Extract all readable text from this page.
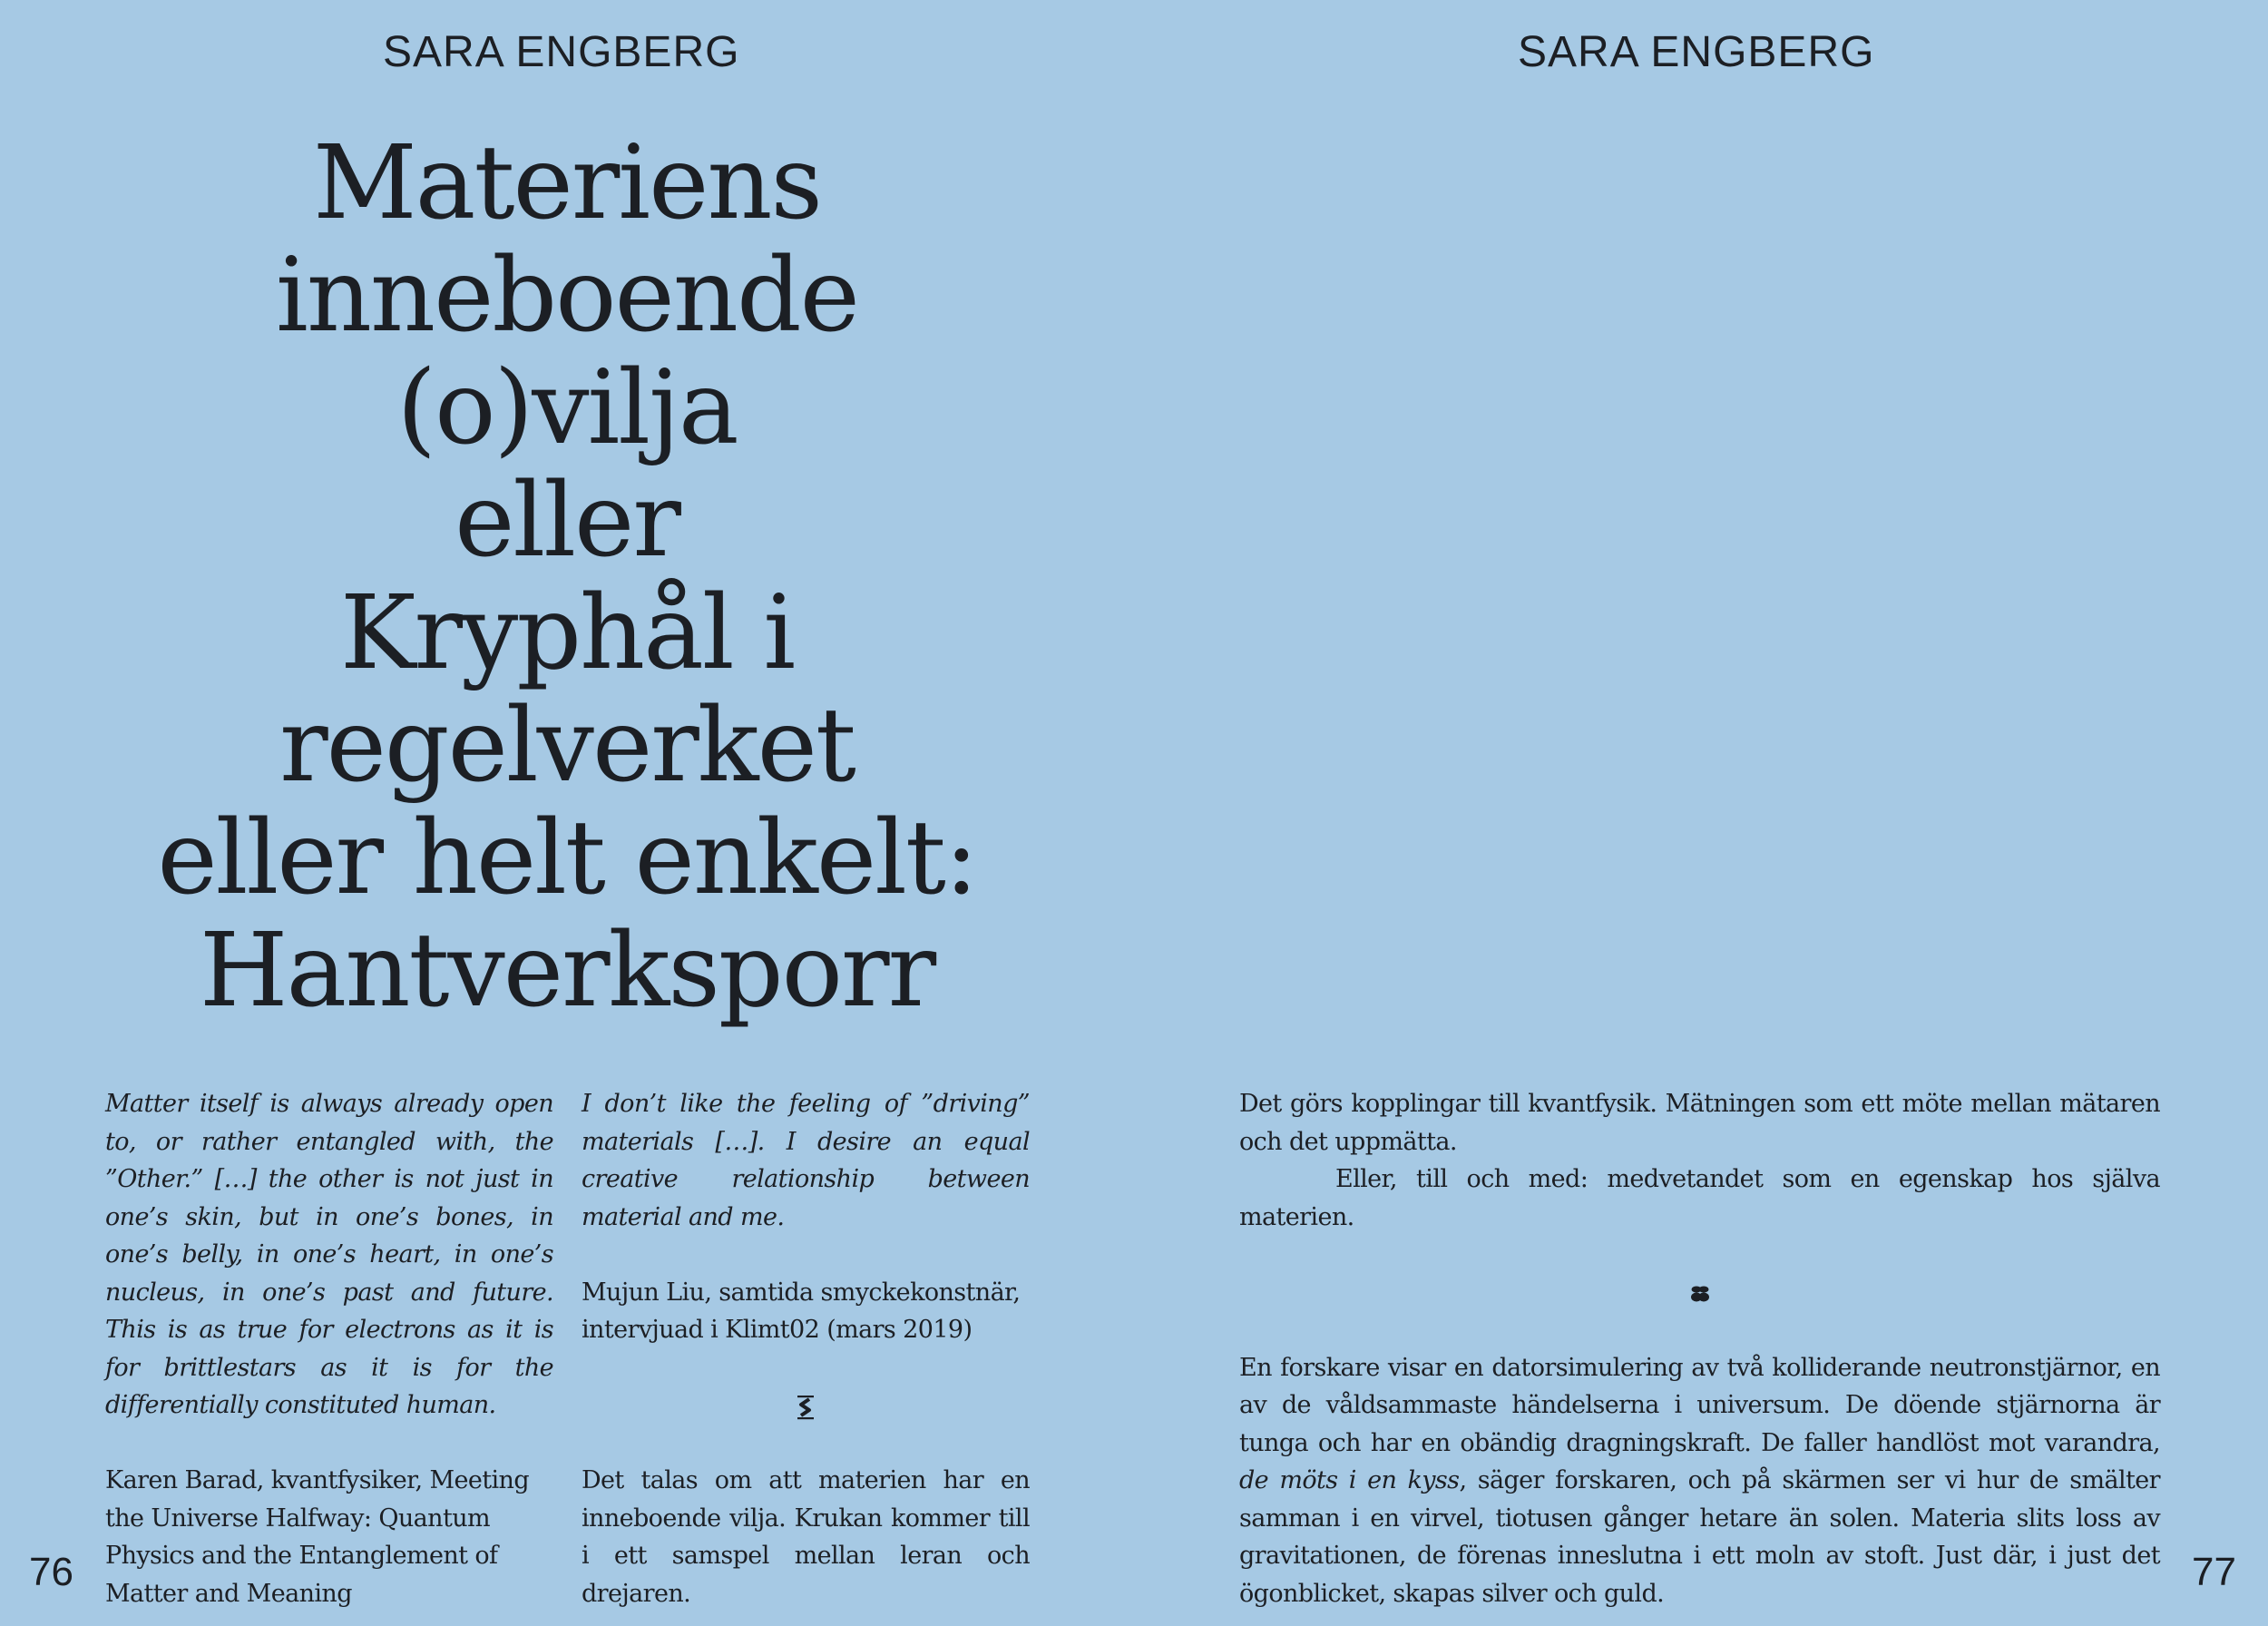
SARA ENGBERG
Materiens
inneboende
(o)vilja
eller
Kryphål i
regelverket
eller helt enkelt:
Hantverksporr

Matter itself is always already open to, or rather entangled with, the ”Other.” […] the other is not just in one’s skin, but in one’s bones, in one’s belly, in one’s heart, in one’s nucleus, in one’s past and future. This is as true for electrons as it is for brittlestars as it is for the differentially constituted human.

Karen Barad, kvantfysiker, Meeting the Universe Halfway: Quantum Physics and the Entanglement of Matter and Meaning

I don’t like the feeling of ”driving” materials […]. I desire an equal creative relationship between material and me.

Mujun Liu, samtida smyckekonstnär, intervjuad i Klimt02 (mars 2019)

Det talas om att materien har en inneboende vilja. Krukan kommer till i ett samspel mellan leran och drejaren.

76
SARA ENGBERG

Det görs kopplingar till kvantfysik. Mätningen som ett möte mellan mätaren och det uppmätta.

Eller, till och med: medvetandet som en egenskap hos själva materien.

En forskare visar en datorsimulering av två kolliderande neutronstjärnor, en av de våldsammaste händelserna i universum. De döende stjärnorna är tunga och har en obändig dragningskraft. De faller handlöst mot varandra, de möts i en kyss, säger forskaren, och på skärmen ser vi hur de smälter samman i en virvel, tiotusen gånger hetare än solen. Materia slits loss av gravitationen, de förenas inneslutna i ett moln av stoft. Just där, i just det ögonblicket, skapas silver och guld.	77
